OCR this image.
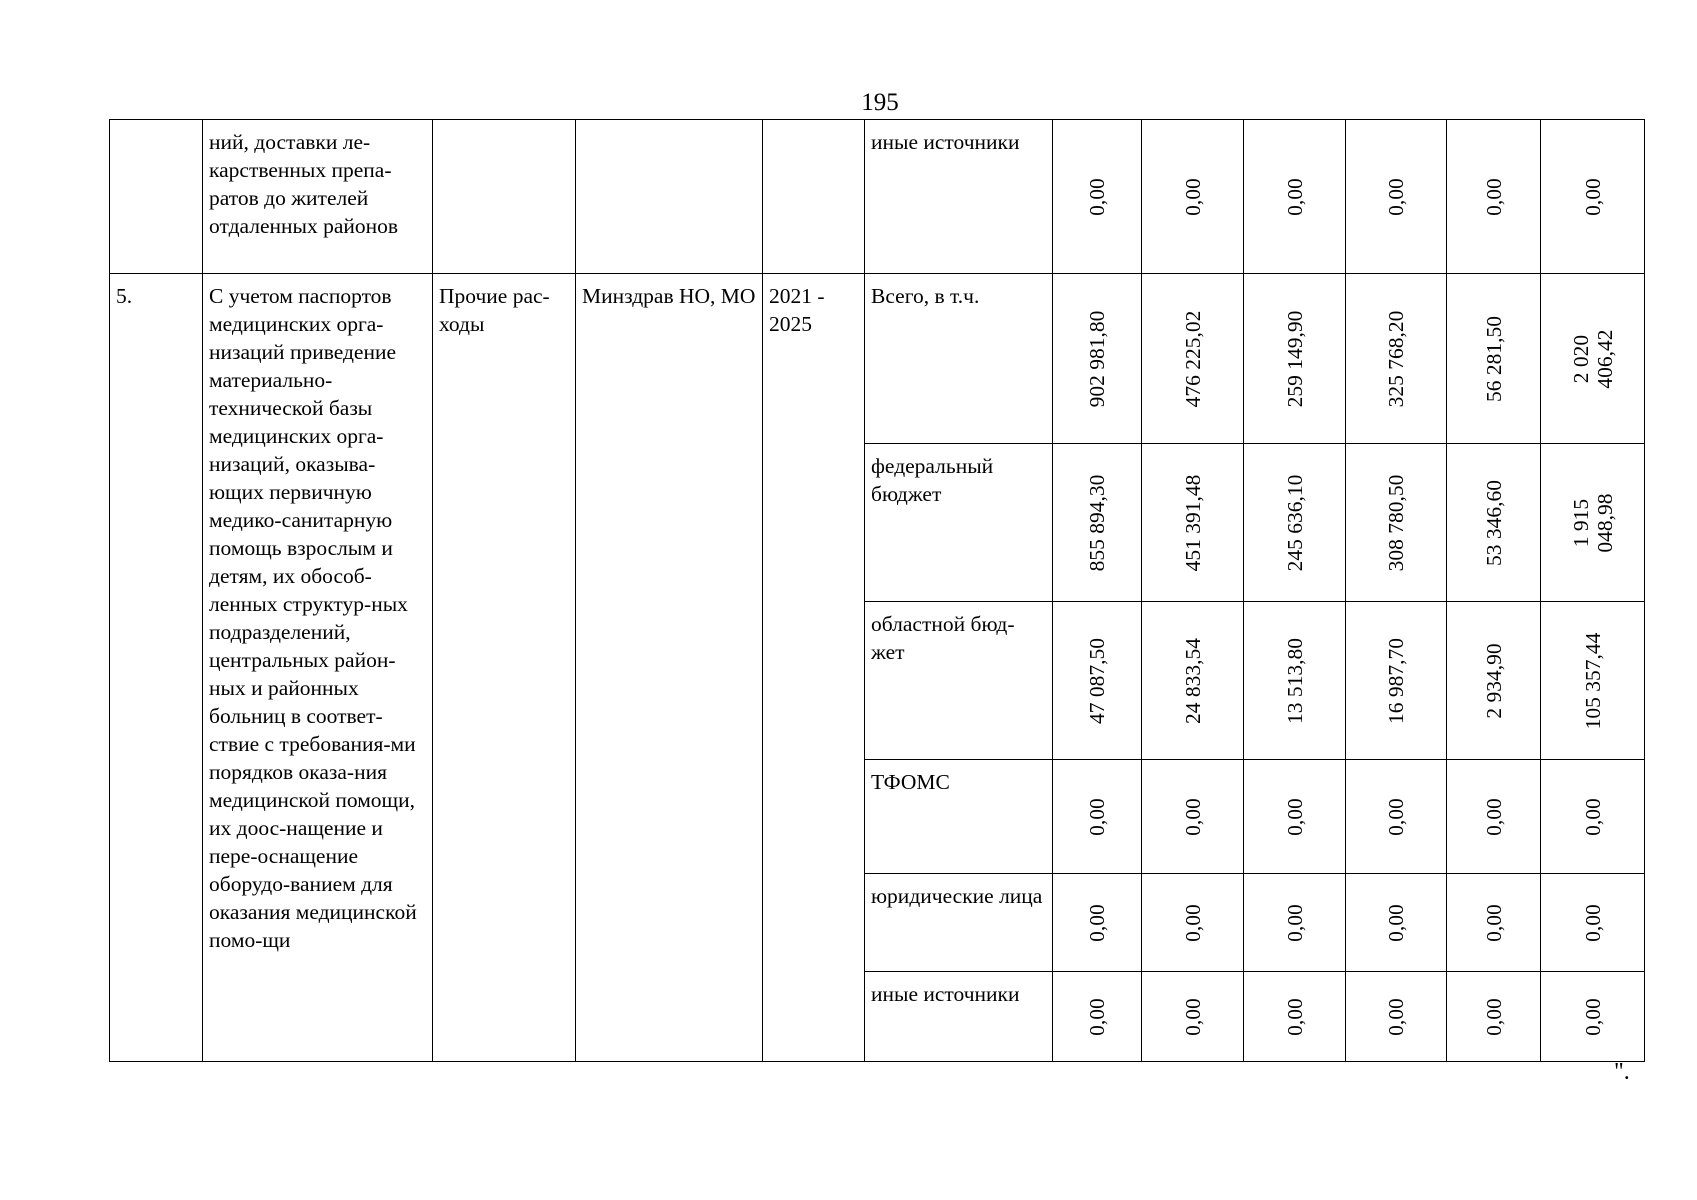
195
	ний, доставки ле-карственных препа-ратов до жителей отдаленных районов				иные источники	0,00	0,00	0,00	0,00	0,00	0,00

5.	С учетом паспортов медицинских орга-низаций приведение материально-технической базы медицинских орга-низаций, оказыва-ющих первичную медико-санитарную помощь взрослым и детям, их обособ-ленных структур-ных подразделений, центральных район-ных и районных больниц в соответ-ствие с требования-ми порядков оказа-ния медицинской помощи, их доос-нащение и пере-оснащение оборудо-ванием для оказания медицинской помо-щи	Прочие рас-ходы	Минздрав НО, МО	2021 - 2025	Всего, в т.ч.	902 981,80	476 225,02	259 149,90	325 768,20	56 281,50	2 020 406,42

					федеральный бюджет	855 894,30	451 391,48	245 636,10	308 780,50	53 346,60	1 915 048,98

					областной бюд-жет	47 087,50	24 833,54	13 513,80	16 987,70	2 934,90	105 357,44

					ТФОМС	0,00	0,00	0,00	0,00	0,00	0,00

					юридические лица	0,00	0,00	0,00	0,00	0,00	0,00

					иные источники	0,00	0,00	0,00	0,00	0,00	0,00
".
